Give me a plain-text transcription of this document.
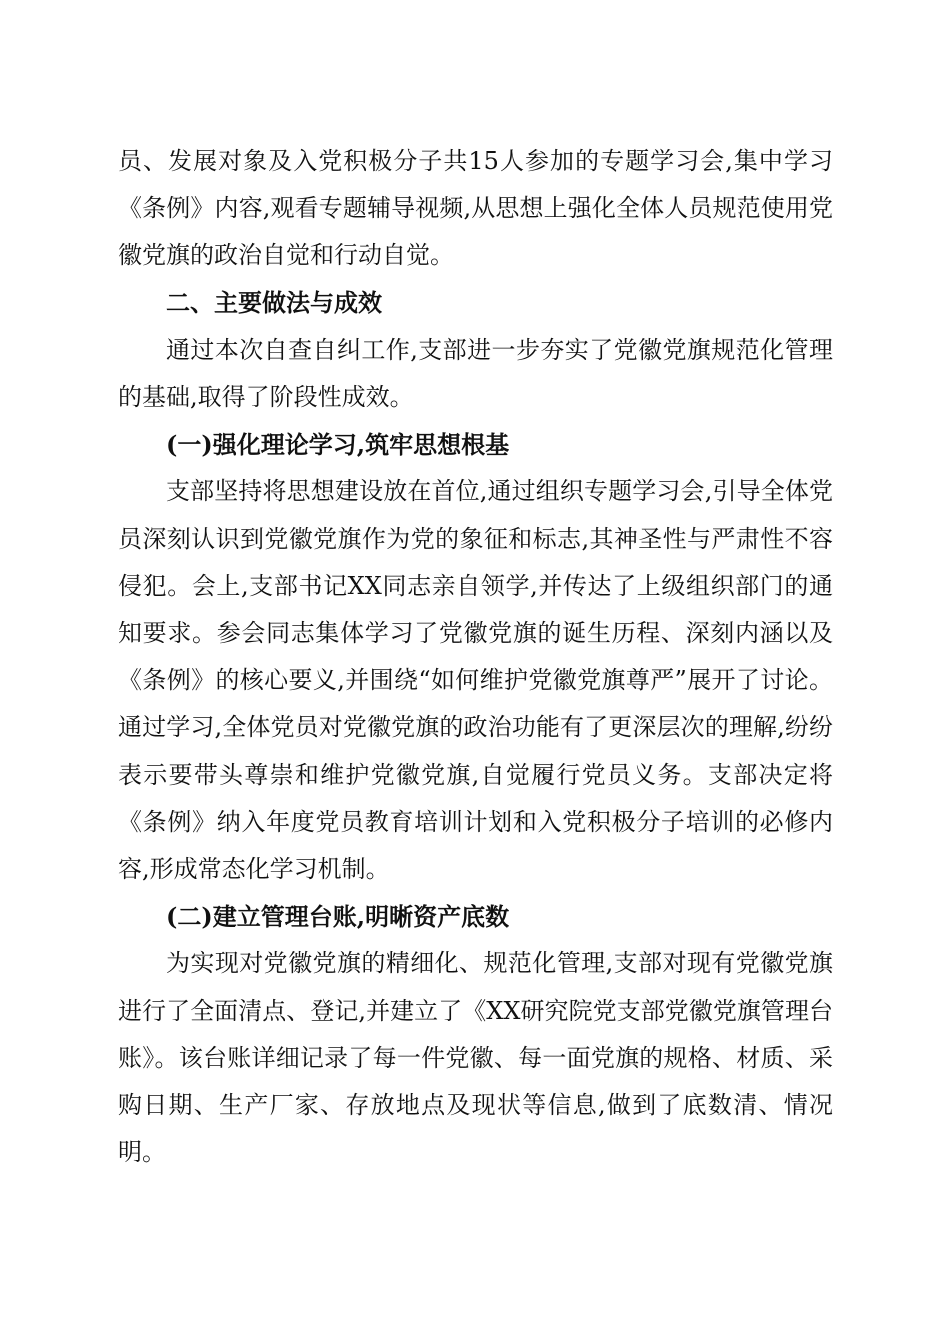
员、发展对象及入党积极分子共15人参加的专题学习会,集中学习《条例》内容,观看专题辅导视频,从思想上强化全体人员规范使用党徽党旗的政治自觉和行动自觉。

二、主要做法与成效

通过本次自查自纠工作,支部进一步夯实了党徽党旗规范化管理的基础,取得了阶段性成效。

(一)强化理论学习,筑牢思想根基

支部坚持将思想建设放在首位,通过组织专题学习会,引导全体党员深刻认识到党徽党旗作为党的象征和标志,其神圣性与严肃性不容侵犯。会上,支部书记XX同志亲自领学,并传达了上级组织部门的通知要求。参会同志集体学习了党徽党旗的诞生历程、深刻内涵以及《条例》的核心要义,并围绕“如何维护党徽党旗尊严”展开了讨论。通过学习,全体党员对党徽党旗的政治功能有了更深层次的理解,纷纷表示要带头尊崇和维护党徽党旗,自觉履行党员义务。支部决定将《条例》纳入年度党员教育培训计划和入党积极分子培训的必修内容,形成常态化学习机制。

(二)建立管理台账,明晰资产底数

为实现对党徽党旗的精细化、规范化管理,支部对现有党徽党旗进行了全面清点、登记,并建立了《XX研究院党支部党徽党旗管理台账》。该台账详细记录了每一件党徽、每一面党旗的规格、材质、采购日期、生产厂家、存放地点及现状等信息,做到了底数清、情况明。
